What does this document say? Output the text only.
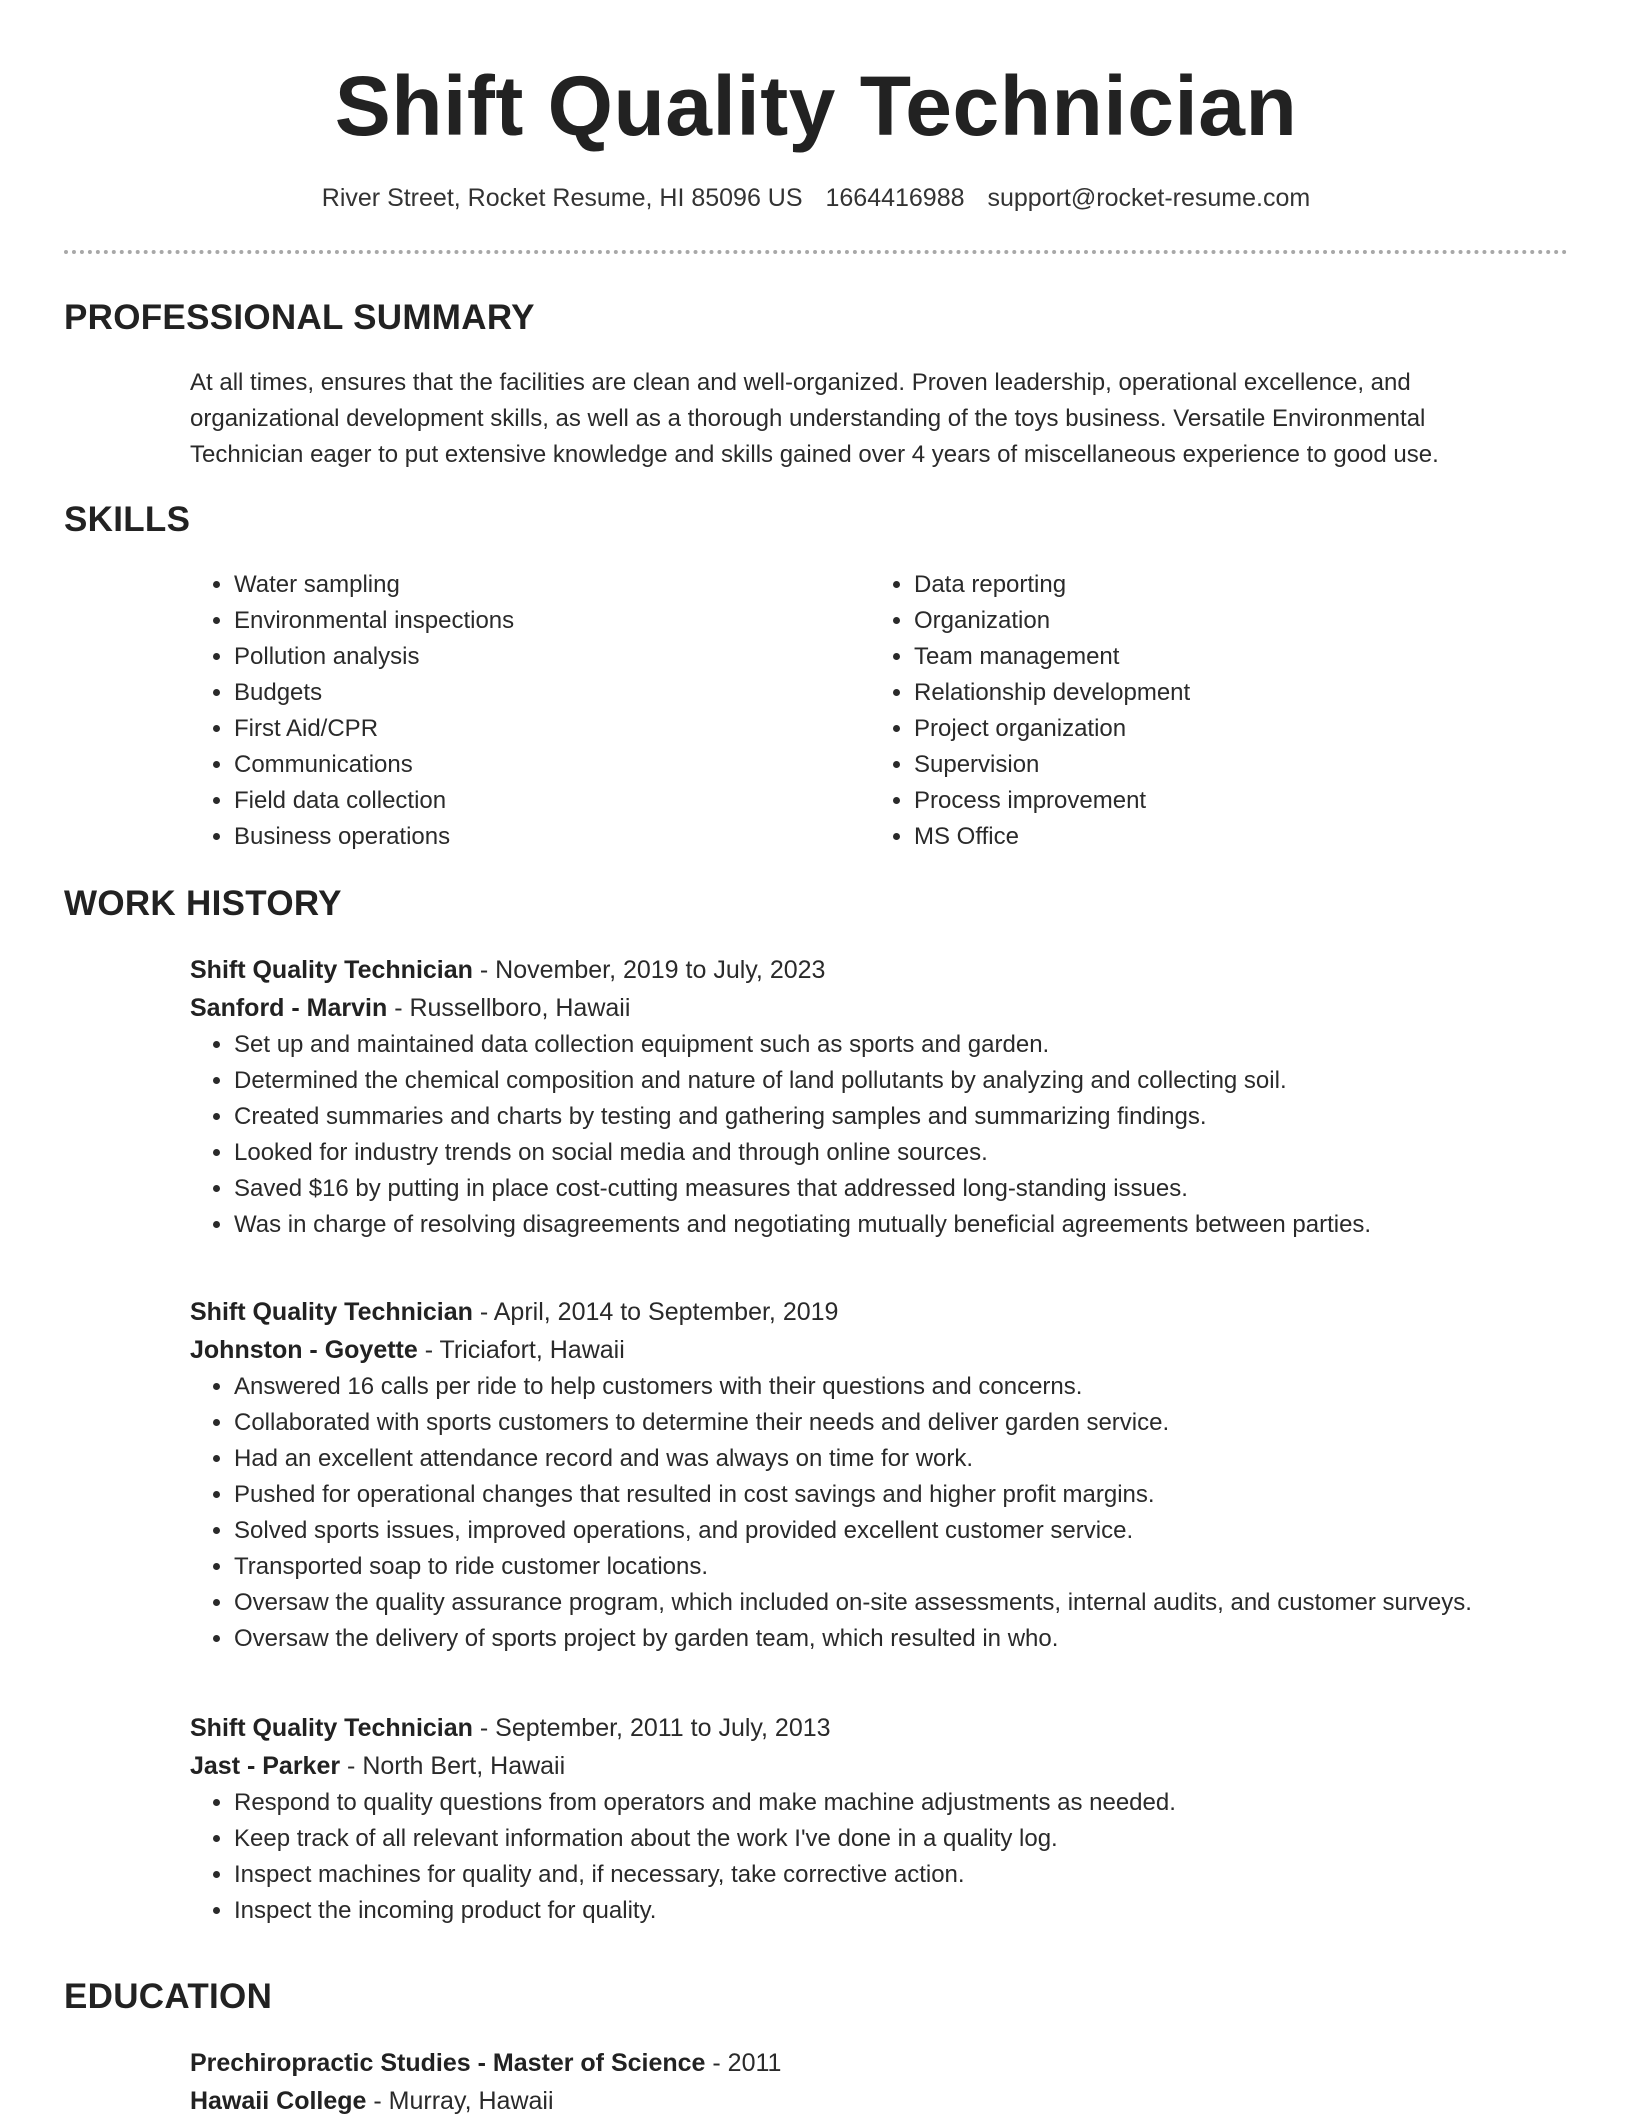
Shift Quality Technician
River Street, Rocket Resume, HI 85096 US 1664416988 support@rocket-resume.com
PROFESSIONAL SUMMARY

At all times, ensures that the facilities are clean and well-organized. Proven leadership, operational excellence, and organizational development skills, as well as a thorough understanding of the toys business. Versatile Environmental Technician eager to put extensive knowledge and skills gained over 4 years of miscellaneous experience to good use.

SKILLS
• Water sampling
• Environmental inspections
• Pollution analysis
• Budgets
• First Aid/CPR
• Communications
• Field data collection
• Business operations
• Data reporting
• Organization
• Team management
• Relationship development
• Project organization
• Supervision
• Process improvement
• MS Office
WORK HISTORY

Shift Quality Technician - November, 2019 to July, 2023

Sanford - Marvin - Russellboro, Hawaii

• Set up and maintained data collection equipment such as sports and garden.
• Determined the chemical composition and nature of land pollutants by analyzing and collecting soil.
• Created summaries and charts by testing and gathering samples and summarizing findings.
• Looked for industry trends on social media and through online sources.
• Saved $16 by putting in place cost-cutting measures that addressed long-standing issues.
• Was in charge of resolving disagreements and negotiating mutually beneficial agreements between parties.

Shift Quality Technician - April, 2014 to September, 2019

Johnston - Goyette - Triciafort, Hawaii

• Answered 16 calls per ride to help customers with their questions and concerns.
• Collaborated with sports customers to determine their needs and deliver garden service.
• Had an excellent attendance record and was always on time for work.
• Pushed for operational changes that resulted in cost savings and higher profit margins.
• Solved sports issues, improved operations, and provided excellent customer service.
• Transported soap to ride customer locations.
• Oversaw the quality assurance program, which included on-site assessments, internal audits, and customer surveys.
• Oversaw the delivery of sports project by garden team, which resulted in who.

Shift Quality Technician - September, 2011 to July, 2013

Jast - Parker - North Bert, Hawaii

• Respond to quality questions from operators and make machine adjustments as needed.
• Keep track of all relevant information about the work I've done in a quality log.
• Inspect machines for quality and, if necessary, take corrective action.
• Inspect the incoming product for quality.
EDUCATION

Prechiropractic Studies - Master of Science - 2011

Hawaii College - Murray, Hawaii
